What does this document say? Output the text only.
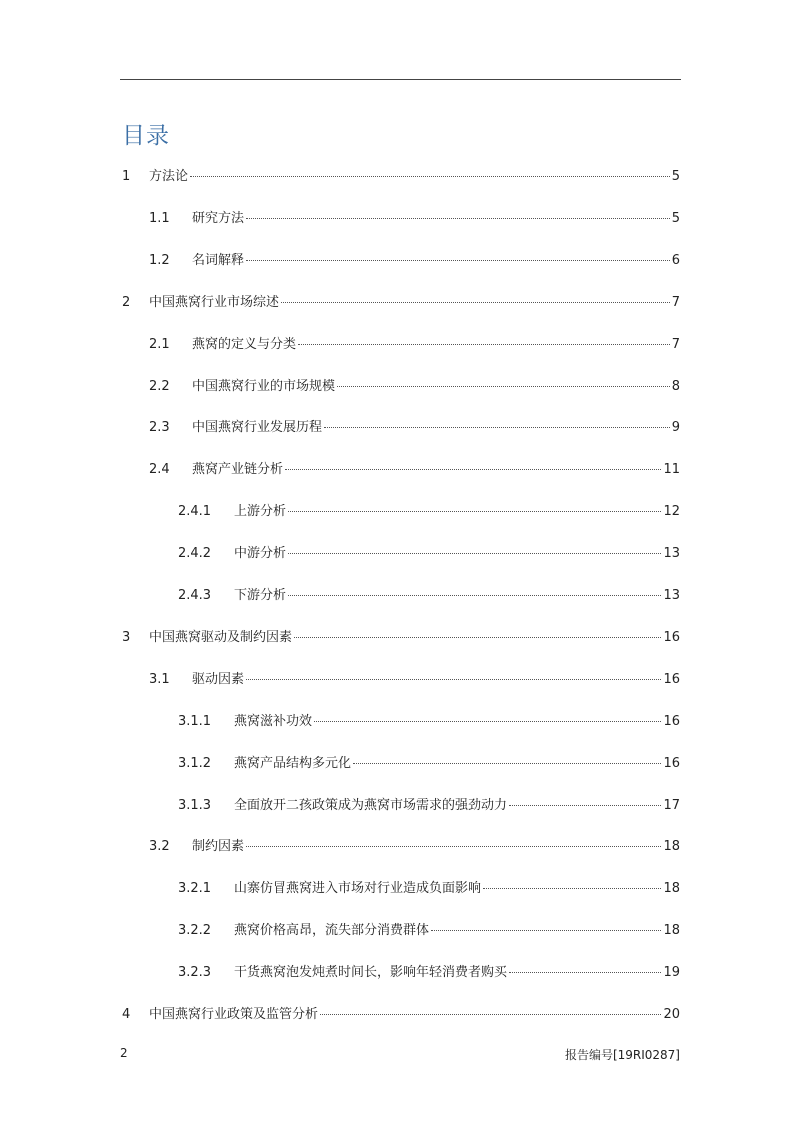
目录
1 方法论	5
1.1 研究方法	5
1.2 名词解释	6
2 中国燕窝行业市场综述	7
2.1 燕窝的定义与分类	7
2.2 中国燕窝行业的市场规模	8
2.3 中国燕窝行业发展历程	9
2.4 燕窝产业链分析	11
2.4.1 上游分析	12
2.4.2 中游分析	13
2.4.3 下游分析	13
3 中国燕窝驱动及制约因素	16
3.1 驱动因素	16
3.1.1 燕窝滋补功效	16
3.1.2 燕窝产品结构多元化	16
3.1.3 全面放开二孩政策成为燕窝市场需求的强劲动力	17
3.2 制约因素	18
3.2.1 山寨仿冒燕窝进入市场对行业造成负面影响	18
3.2.2 燕窝价格高昂，流失部分消费群体	18
3.2.3 干货燕窝泡发炖煮时间长，影响年轻消费者购买	19
4 中国燕窝行业政策及监管分析	20
2	报告编号[19RI0287]
